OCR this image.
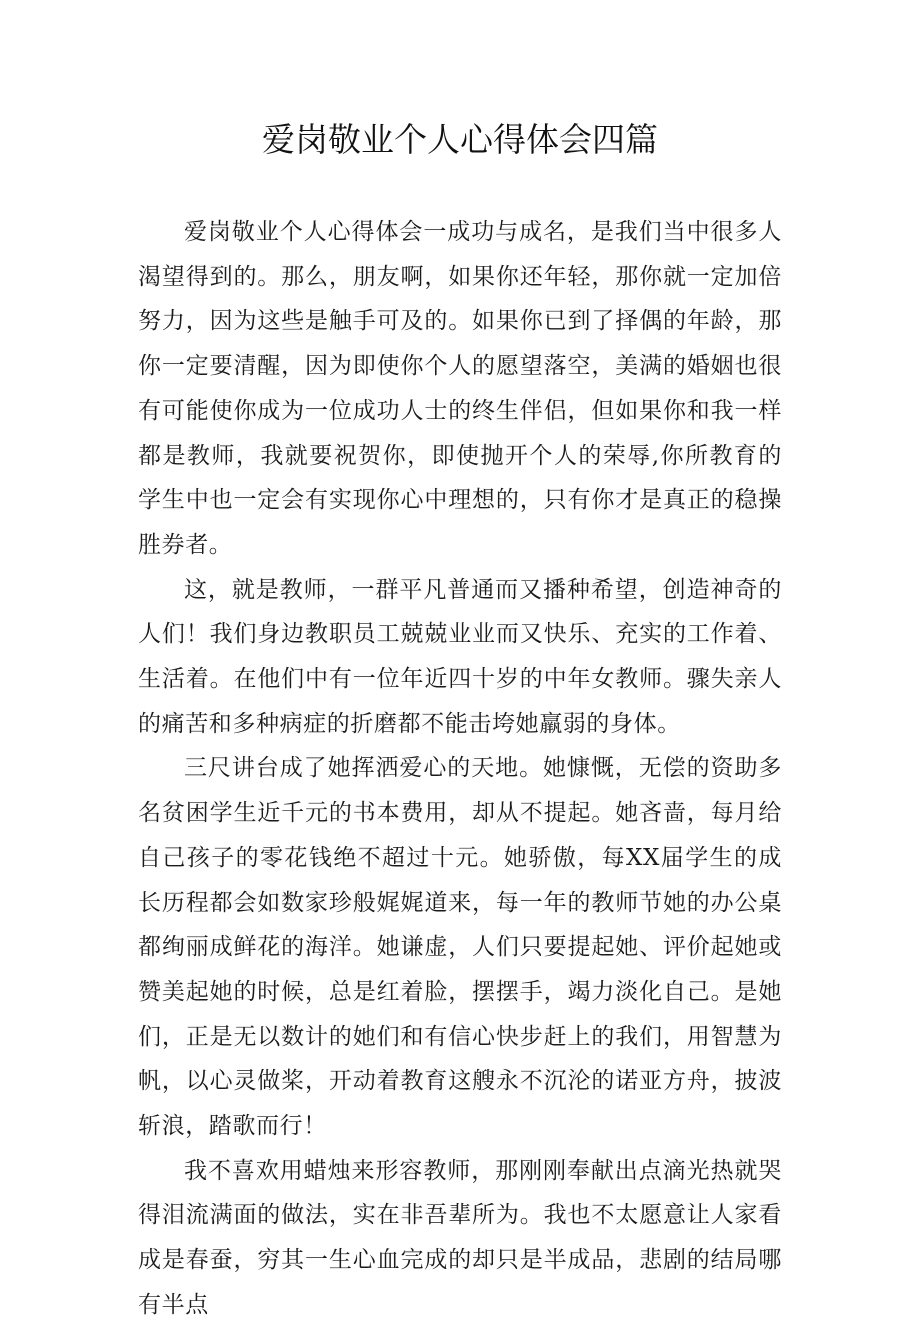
爱岗敬业个人心得体会四篇

爱岗敬业个人心得体会一成功与成名，是我们当中很多人渴望得到的。那么，朋友啊，如果你还年轻，那你就一定加倍努力，因为这些是触手可及的。如果你已到了择偶的年龄，那你一定要清醒，因为即使你个人的愿望落空，美满的婚姻也很有可能使你成为一位成功人士的终生伴侣，但如果你和我一样都是教师，我就要祝贺你，即使抛开个人的荣辱,你所教育的学生中也一定会有实现你心中理想的，只有你才是真正的稳操胜券者。

这，就是教师，一群平凡普通而又播种希望，创造神奇的人们！我们身边教职员工兢兢业业而又快乐、充实的工作着、生活着。在他们中有一位年近四十岁的中年女教师。骤失亲人的痛苦和多种病症的折磨都不能击垮她羸弱的身体。

三尺讲台成了她挥洒爱心的天地。她慷慨，无偿的资助多名贫困学生近千元的书本费用，却从不提起。她吝啬，每月给自己孩子的零花钱绝不超过十元。她骄傲，每XX届学生的成长历程都会如数家珍般娓娓道来，每一年的教师节她的办公桌都绚丽成鲜花的海洋。她谦虚，人们只要提起她、评价起她或赞美起她的时候，总是红着脸，摆摆手，竭力淡化自己。是她们，正是无以数计的她们和有信心快步赶上的我们，用智慧为帆，以心灵做桨，开动着教育这艘永不沉沦的诺亚方舟，披波斩浪，踏歌而行！

我不喜欢用蜡烛来形容教师，那刚刚奉献出点滴光热就哭得泪流满面的做法，实在非吾辈所为。我也不太愿意让人家看成是春蚕，穷其一生心血完成的却只是半成品，悲剧的结局哪有半点
